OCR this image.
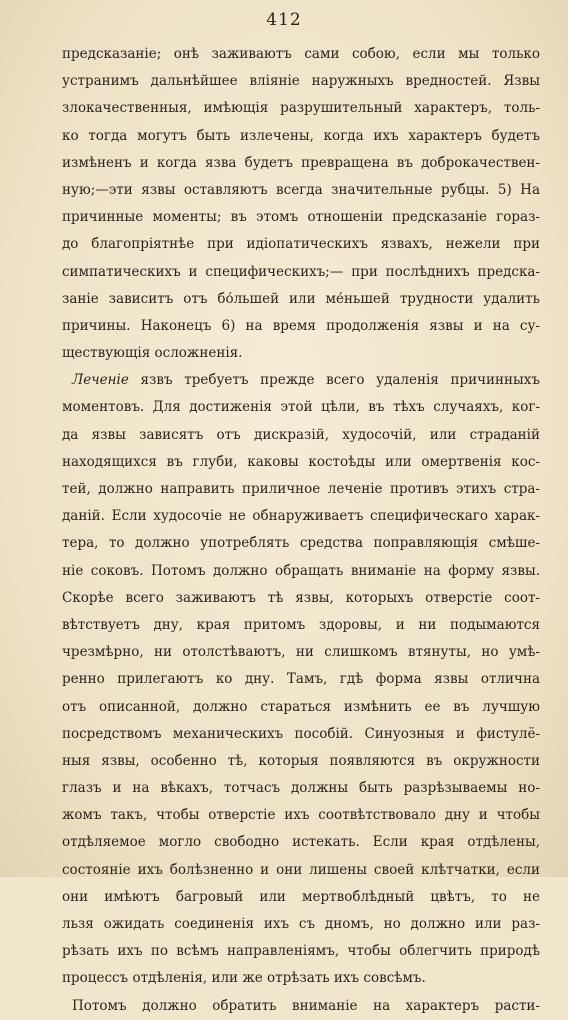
412
предсказаніе; онѣ заживаютъ сами собою, если мы только
устранимъ дальнѣйшее вліяніе наружныхъ вредностей. Язвы
злокачественныя, имѣющія разрушительный характеръ, толь-
ко тогда могутъ быть излечены, когда ихъ характеръ будетъ
измѣненъ и когда язва будетъ превращена въ доброкачествен-
ную;—эти язвы оставляютъ всегда значительные рубцы. 5) На
причинные моменты; въ этомъ отношеніи предсказаніе гораз-
до благопріятнѣе при идіопатическихъ язвахъ, нежели при
симпатическихъ и специфическихъ;— при послѣднихъ предска-
заніе зависитъ отъ бо́льшей или ме́ньшей трудности удалить
причины. Наконецъ 6) на время продолженія язвы и на су-
ществующія осложненія.
Леченіе язвъ требуетъ прежде всего удаленія причинныхъ
моментовъ. Для достиженія этой цѣли, въ тѣхъ случаяхъ, ког-
да язвы зависятъ отъ дискразій, худосочій, или страданій
находящихся въ глуби, каковы костоѣды или омертвенія кос-
тей, должно направить приличное леченіе противъ этихъ стра-
даній. Если худосочіе не обнаруживаетъ специфическаго харак-
тера, то должно употреблять средства поправляющія смѣше-
ніе соковъ. Потомъ должно обращать вниманіе на форму язвы.
Скорѣе всего заживаютъ тѣ язвы, которыхъ отверстіе соот-
вѣтствуетъ дну, края притомъ здоровы, и ни подымаются
чрезмѣрно, ни отолстѣваютъ, ни слишкомъ втянуты, но умѣ-
ренно прилегаютъ ко дну. Тамъ, гдѣ форма язвы отлична
отъ описанной, должно стараться измѣнить ее въ лучшую
посредствомъ механическихъ пособій. Синуозныя и фистулё-
ныя язвы, особенно тѣ, которыя появляются въ окружности
глазъ и на вѣкахъ, тотчасъ должны быть разрѣзываемы но-
жомъ такъ, чтобы отверстіе ихъ соотвѣтствовало дну и чтобы
отдѣляемое могло свободно истекать. Если края отдѣлены,
состояніе ихъ болѣзненно и они лишены своей клѣтчатки, если
они имѣютъ багровый или мертвоблѣдный цвѣтъ, то не
льзя ожидать соединенія ихъ съ дномъ, но должно или раз-
рѣзать ихъ по всѣмъ направленіямъ, чтобы облегчить природѣ
процессъ отдѣленія, или же отрѣзать ихъ совсѣмъ.
Потомъ должно обратить вниманіе на характеръ расти-
